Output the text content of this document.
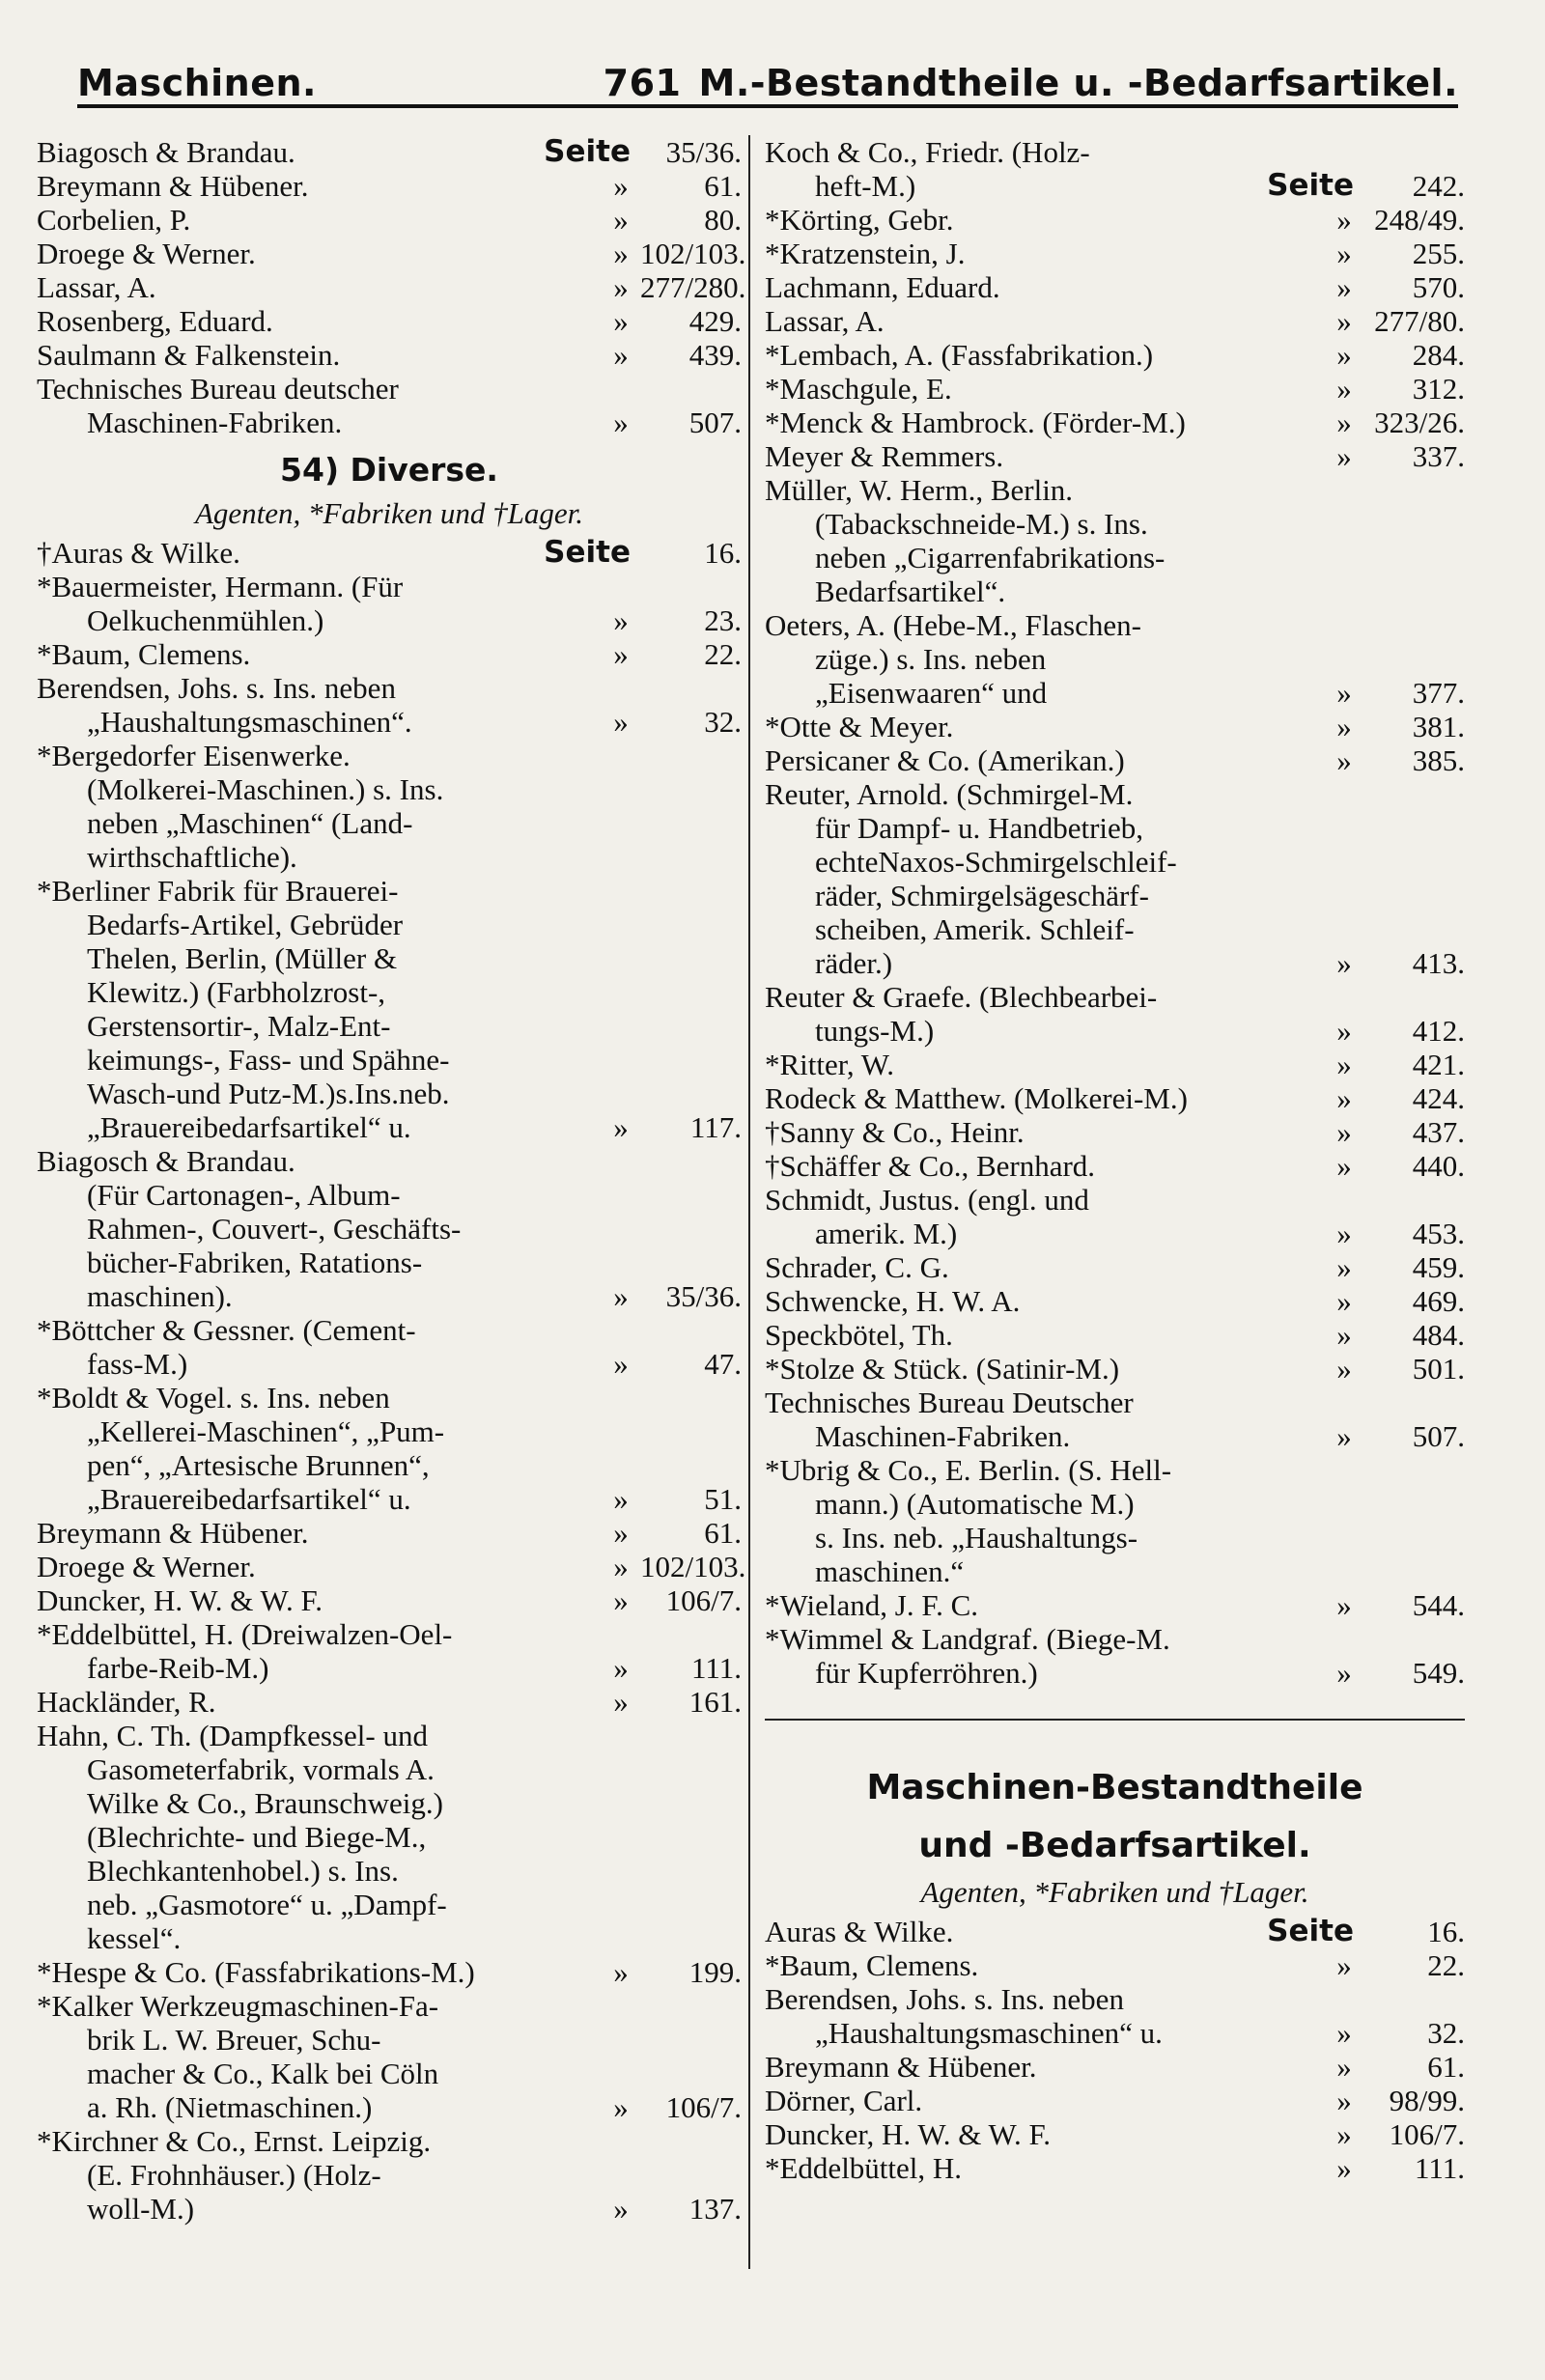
Maschinen.	761 M.-Bestandtheile u. -Bedarfsartikel.
Biagosch & Brandau.	Seite	35/36.
Breymann & Hübener.	»	61.
Corbelien, P.	»	80.
Droege & Werner.	» 102/103.
Lassar, A.	» 277/280.
Rosenberg, Eduard.	»	429.
Saulmann & Falkenstein.	»	439.
Technisches Bureau deutscher
Maschinen-Fabriken.	»	507.
54) Diverse.
Agenten, *Fabriken und †Lager.
†Auras & Wilke.	Seite	16.
*Bauermeister, Hermann. (Für
Oelkuchenmühlen.)	»	23.
*Baum, Clemens.	»	22.
Berendsen, Johs. s. Ins. neben
„Haushaltungsmaschinen“.	»	32.
*Bergedorfer Eisenwerke.
(Molkerei-Maschinen.) s. Ins.
neben „Maschinen“ (Land-
wirthschaftliche).
*Berliner Fabrik für Brauerei-
Bedarfs-Artikel, Gebrüder
Thelen, Berlin, (Müller &
Klewitz.) (Farbholzrost-,
Gerstensortir-, Malz-Ent-
keimungs-, Fass- und Spähne-
Wasch-und Putz-M.)s.Ins.neb.
„Brauereibedarfsartikel“ u.	»	117.
Biagosch & Brandau.
(Für Cartonagen-, Album-
Rahmen-, Couvert-, Geschäfts-
bücher-Fabriken, Ratations-
maschinen).	»	35/36.
*Böttcher & Gessner. (Cement-
fass-M.)	»	47.
*Boldt & Vogel. s. Ins. neben
„Kellerei-Maschinen“, „Pum-
pen“, „Artesische Brunnen“,
„Brauereibedarfsartikel“ u.	»	51.
Breymann & Hübener.	»	61.
Droege & Werner.	» 102/103.
Duncker, H. W. & W. F.	»	106/7.
*Eddelbüttel, H. (Dreiwalzen-Oel-
farbe-Reib-M.)	»	111.
Hackländer, R.	»	161.
Hahn, C. Th. (Dampfkessel- und
Gasometerfabrik, vormals A.
Wilke & Co., Braunschweig.)
(Blechrichte- und Biege-M.,
Blechkantenhobel.) s. Ins.
neb. „Gasmotore“ u. „Dampf-
kessel“.
*Hespe & Co. (Fassfabrikations-M.)	»	199.
*Kalker Werkzeugmaschinen-Fa-
brik L. W. Breuer, Schu-
macher & Co., Kalk bei Cöln
a. Rh. (Nietmaschinen.)	»	106/7.
*Kirchner & Co., Ernst. Leipzig.
(E. Frohnhäuser.) (Holz-
woll-M.)	»	137.
Koch & Co., Friedr. (Holz-
heft-M.)	Seite	242.
*Körting, Gebr.	» 248/49.
*Kratzenstein, J.	»	255.
Lachmann, Eduard.	»	570.
Lassar, A.	» 277/80.
*Lembach, A. (Fassfabrikation.)	»	284.
*Maschgule, E.	»	312.
*Menck & Hambrock. (Förder-M.)	» 323/26.
Meyer & Remmers.	»	337.
Müller, W. Herm., Berlin.
(Tabackschneide-M.) s. Ins.
neben „Cigarrenfabrikations-
Bedarfsartikel“.
Oeters, A. (Hebe-M., Flaschen-
züge.) s. Ins. neben
„Eisenwaaren“ und	»	377.
*Otte & Meyer.	»	381.
Persicaner & Co. (Amerikan.)	»	385.
Reuter, Arnold. (Schmirgel-M.
für Dampf- u. Handbetrieb,
echteNaxos-Schmirgelschleif-
räder, Schmirgelsägeschärf-
scheiben, Amerik. Schleif-
räder.)	»	413.
Reuter & Graefe. (Blechbearbei-
tungs-M.)	»	412.
*Ritter, W.	»	421.
Rodeck & Matthew. (Molkerei-M.)	»	424.
†Sanny & Co., Heinr.	»	437.
†Schäffer & Co., Bernhard.	»	440.
Schmidt, Justus. (engl. und
amerik. M.)	»	453.
Schrader, C. G.	»	459.
Schwencke, H. W. A.	»	469.
Speckbötel, Th.	»	484.
*Stolze & Stück. (Satinir-M.)	»	501.
Technisches Bureau Deutscher
Maschinen-Fabriken.	»	507.
*Ubrig & Co., E. Berlin. (S. Hell-
mann.) (Automatische M.)
s. Ins. neb. „Haushaltungs-
maschinen.“
*Wieland, J. F. C.	»	544.
*Wimmel & Landgraf. (Biege-M.
für Kupferröhren.)	»	549.
Maschinen-Bestandtheile
und -Bedarfsartikel.
Agenten, *Fabriken und †Lager.
Auras & Wilke.	Seite	16.
*Baum, Clemens.	»	22.
Berendsen, Johs. s. Ins. neben
„Haushaltungsmaschinen“ u.	»	32.
Breymann & Hübener.	»	61.
Dörner, Carl.	»	98/99.
Duncker, H. W. & W. F.	»	106/7.
*Eddelbüttel, H.	»	111.
